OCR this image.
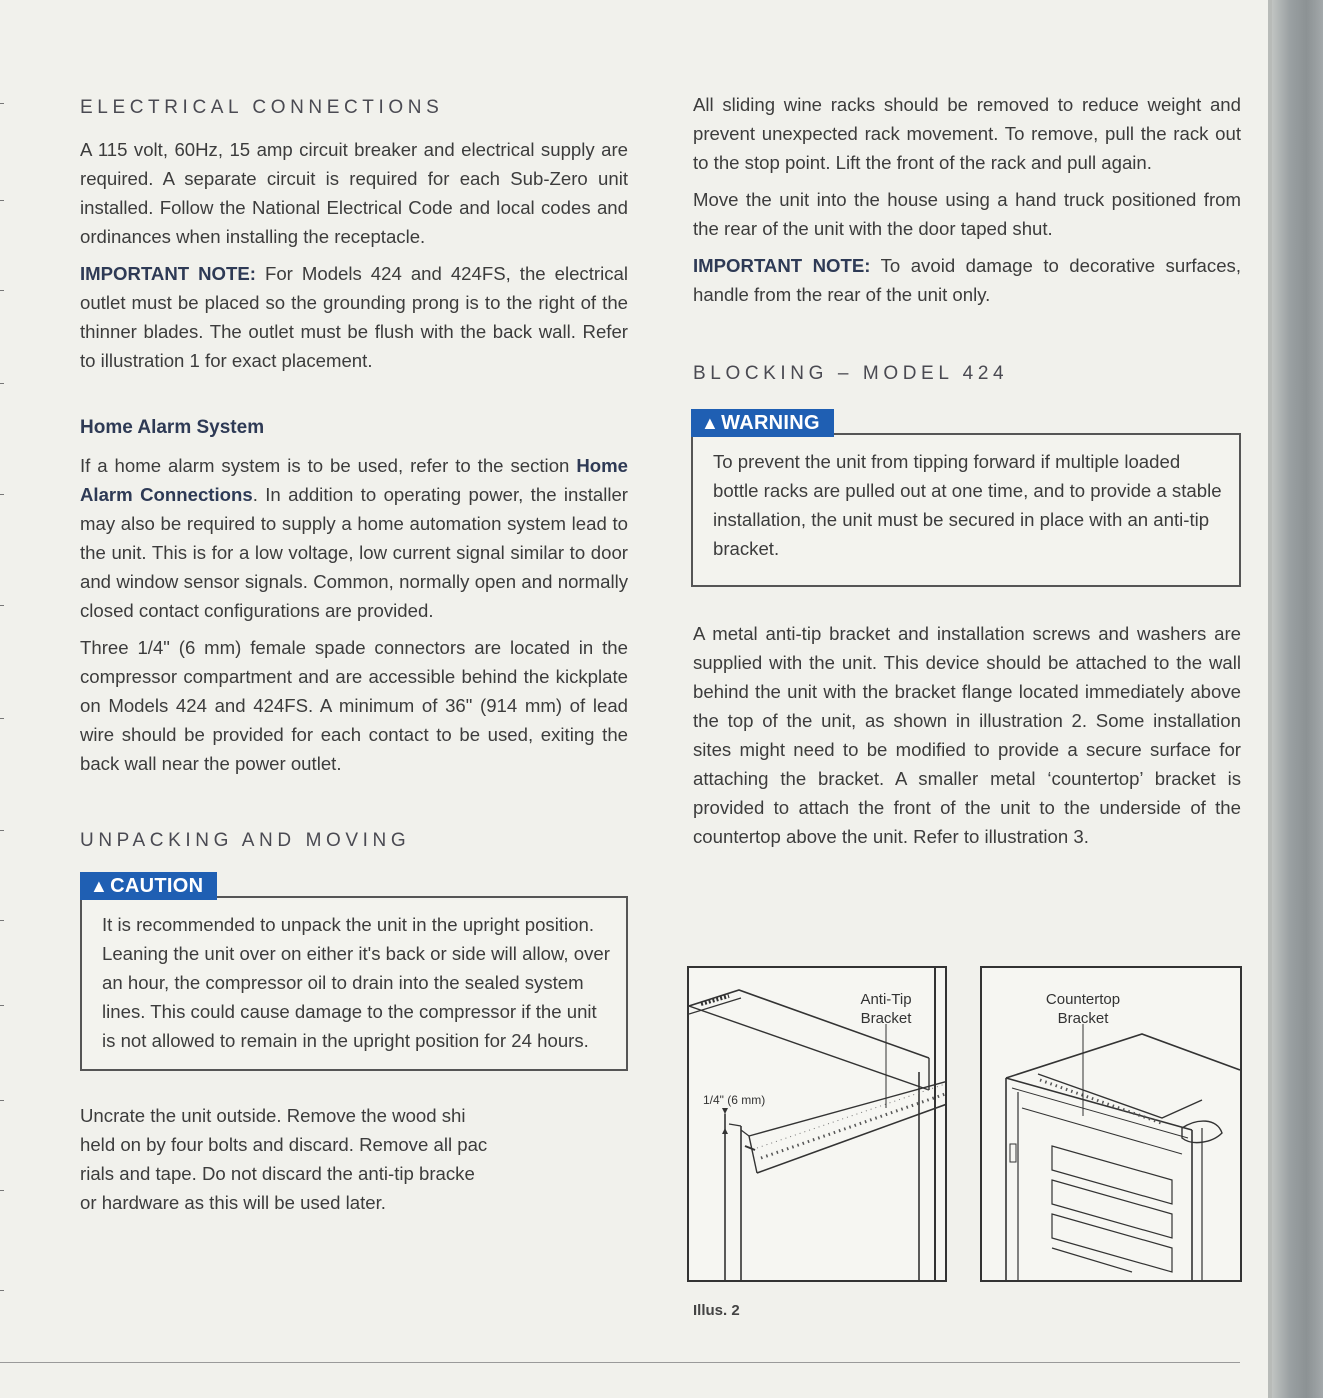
ELECTRICAL CONNECTIONS

A 115 volt, 60Hz, 15 amp circuit breaker and electrical supply are required. A separate circuit is required for each Sub-Zero unit installed. Follow the National Electrical Code and local codes and ordinances when installing the receptacle.

IMPORTANT NOTE: For Models 424 and 424FS, the electrical outlet must be placed so the grounding prong is to the right of the thinner blades. The outlet must be flush with the back wall. Refer to illustration 1 for exact placement.

Home Alarm System

If a home alarm system is to be used, refer to the section Home Alarm Connections. In addition to operating power, the installer may also be required to supply a home automation system lead to the unit. This is for a low voltage, low current signal similar to door and window sensor signals. Common, normally open and normally closed contact configurations are provided.

Three 1/4" (6 mm) female spade connectors are located in the compressor compartment and are accessible behind the kickplate on Models 424 and 424FS. A minimum of 36" (914 mm) of lead wire should be provided for each contact to be used, exiting the back wall near the power outlet.

UNPACKING AND MOVING
▲ CAUTION

It is recommended to unpack the unit in the upright position. Leaning the unit over on either it's back or side will allow, over an hour, the compressor oil to drain into the sealed system lines. This could cause damage to the compressor if the unit is not allowed to remain in the upright position for 24 hours.

Uncrate the unit outside. Remove the wood shi

held on by four bolts and discard. Remove all pac

rials and tape. Do not discard the anti-tip bracke

or hardware as this will be used later.

All sliding wine racks should be removed to reduce weight and prevent unexpected rack movement. To remove, pull the rack out to the stop point. Lift the front of the rack and pull again.

Move the unit into the house using a hand truck positioned from the rear of the unit with the door taped shut.

IMPORTANT NOTE: To avoid damage to decorative surfaces, handle from the rear of the unit only.

BLOCKING – MODEL 424
▲ WARNING

To prevent the unit from tipping forward if multiple loaded bottle racks are pulled out at one time, and to provide a stable installation, the unit must be secured in place with an anti-tip bracket.

A metal anti-tip bracket and installation screws and washers are supplied with the unit. This device should be attached to the wall behind the unit with the bracket flange located immediately above the top of the unit, as shown in illustration 2. Some installation sites might need to be modified to provide a secure surface for attaching the bracket. A smaller metal ‘countertop’ bracket is provided to attach the front of the unit to the underside of the countertop above the unit. Refer to illustration 3.

Anti-Tip
Bracket
1/4" (6 mm)
Countertop
Bracket
Illus. 2
